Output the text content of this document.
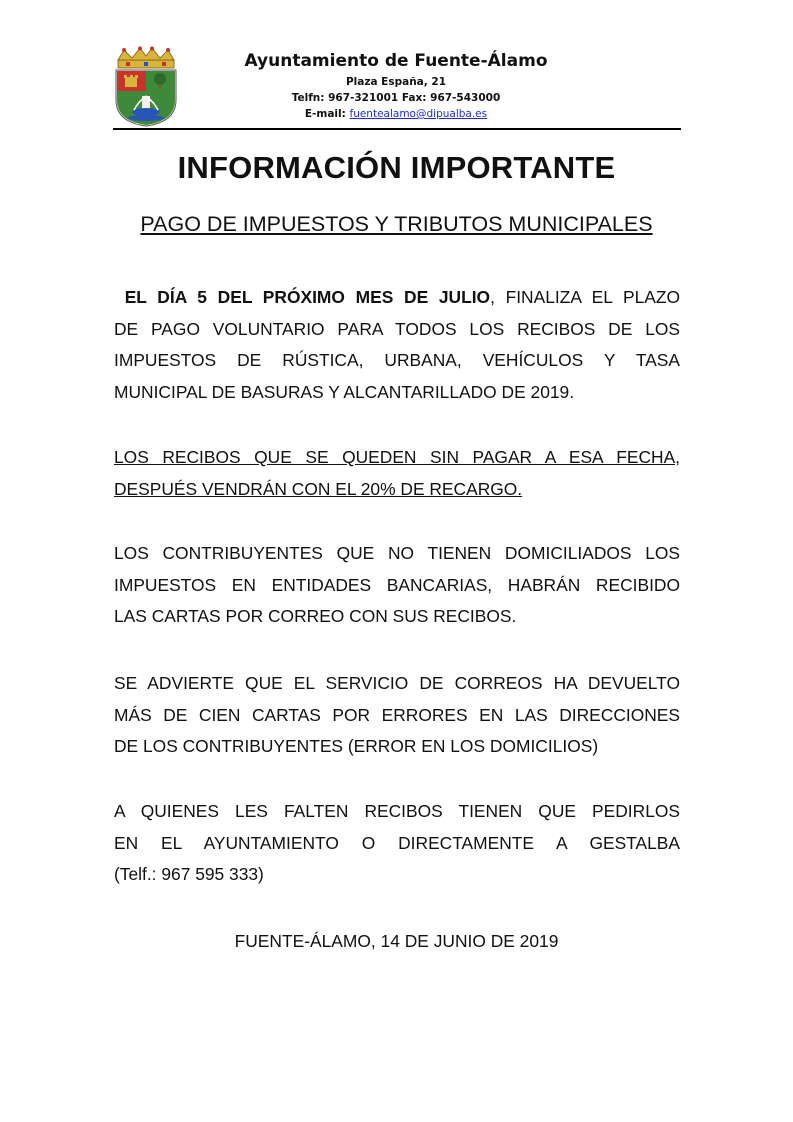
Ayuntamiento de Fuente-Álamo
Plaza España, 21
Telfn: 967-321001 Fax: 967-543000
E-mail: fuentealamo@dipualba.es
INFORMACIÓN IMPORTANTE
PAGO DE IMPUESTOS Y TRIBUTOS MUNICIPALES
EL DÍA 5 DEL PRÓXIMO MES DE JULIO, FINALIZA EL PLAZO
DE PAGO VOLUNTARIO PARA TODOS LOS RECIBOS DE LOS
IMPUESTOS DE RÚSTICA, URBANA, VEHÍCULOS Y TASA
MUNICIPAL DE BASURAS Y ALCANTARILLADO DE 2019.
LOS RECIBOS QUE SE QUEDEN SIN PAGAR A ESA FECHA,
DESPUÉS VENDRÁN CON EL 20% DE RECARGO.
LOS CONTRIBUYENTES QUE NO TIENEN DOMICILIADOS LOS
IMPUESTOS EN ENTIDADES BANCARIAS, HABRÁN RECIBIDO
LAS CARTAS POR CORREO CON SUS RECIBOS.
SE ADVIERTE QUE EL SERVICIO DE CORREOS HA DEVUELTO
MÁS DE CIEN CARTAS POR ERRORES EN LAS DIRECCIONES
DE LOS CONTRIBUYENTES (ERROR EN LOS DOMICILIOS)
A QUIENES LES FALTEN RECIBOS TIENEN QUE PEDIRLOS
EN EL AYUNTAMIENTO O DIRECTAMENTE A GESTALBA
(Telf.: 967 595 333)
FUENTE-ÁLAMO, 14 DE JUNIO DE 2019
